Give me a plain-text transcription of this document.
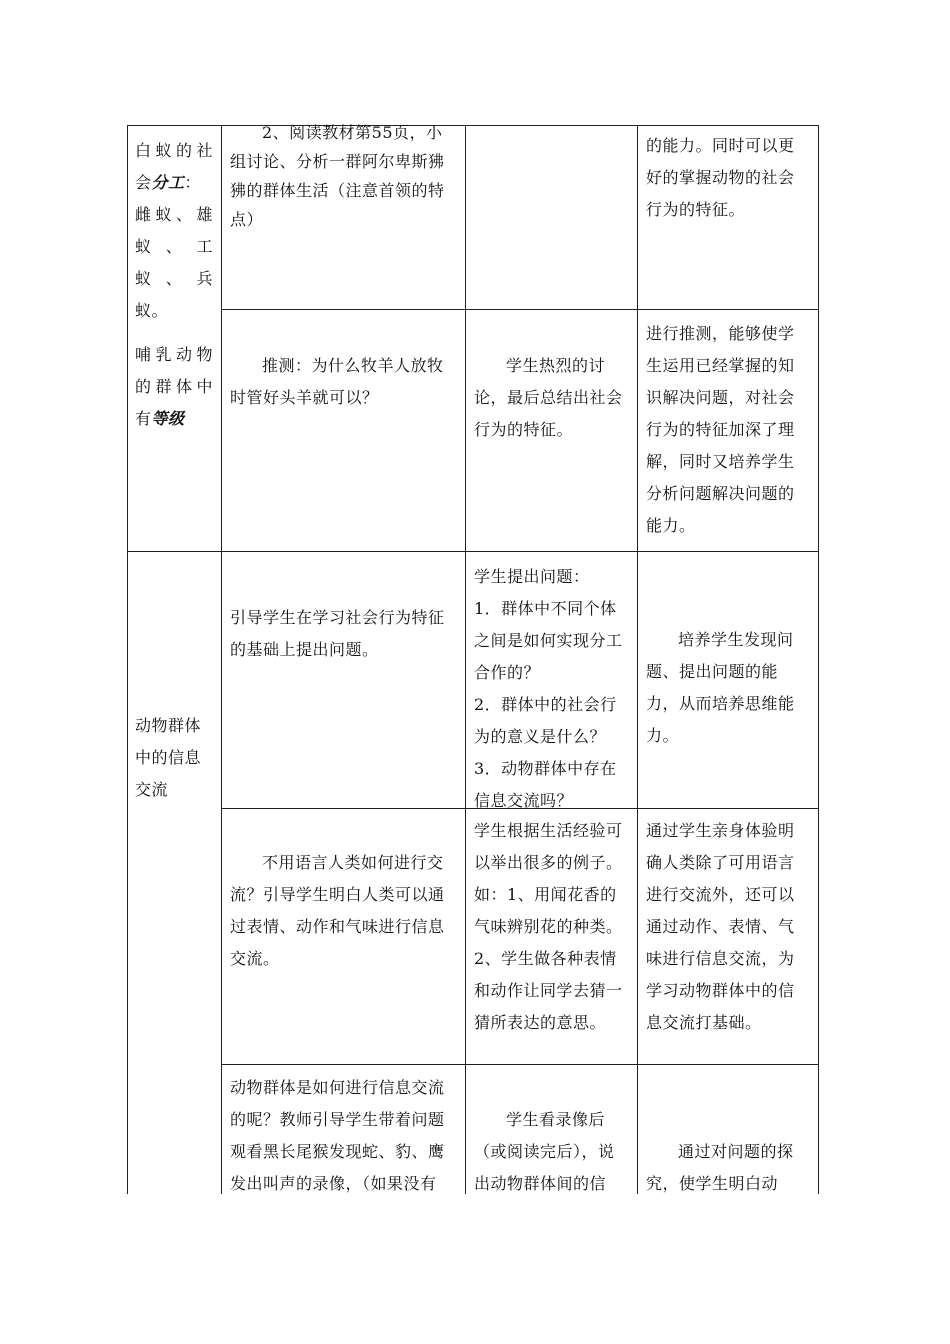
白蚁的社
会分工：
雌蚁、雄
蚁、工
蚁、兵
蚁。
哺乳动物
的群体中
有等级
2、阅读教材第55页，小组讨论、分析一群阿尔卑斯狒狒的群体生活（注意首领的特点）
的能力。同时可以更好的掌握动物的社会行为的特征。
推测：为什么牧羊人放牧时管好头羊就可以？
学生热烈的讨论，最后总结出社会行为的特征。
进行推测，能够使学生运用已经掌握的知识解决问题，对社会行为的特征加深了理解，同时又培养学生分析问题解决问题的能力。
动物群体中的信息交流
引导学生在学习社会行为特征的基础上提出问题。
学生提出问题：
1．群体中不同个体之间是如何实现分工合作的？
2．群体中的社会行为的意义是什么？
3．动物群体中存在信息交流吗？
培养学生发现问题、提出问题的能力，从而培养思维能力。
不用语言人类如何进行交流？引导学生明白人类可以通过表情、动作和气味进行信息交流。
学生根据生活经验可以举出很多的例子。如：1、用闻花香的气味辨别花的种类。2、学生做各种表情和动作让同学去猜一猜所表达的意思。
通过学生亲身体验明确人类除了可用语言进行交流外，还可以通过动作、表情、气味进行信息交流，为学习动物群体中的信息交流打基础。
动物群体是如何进行信息交流的呢？教师引导学生带着问题观看黑长尾猴发现蛇、豹、鹰发出叫声的录像，（如果没有
学生看录像后（或阅读完后），说出动物群体间的信
通过对问题的探究，使学生明白动
